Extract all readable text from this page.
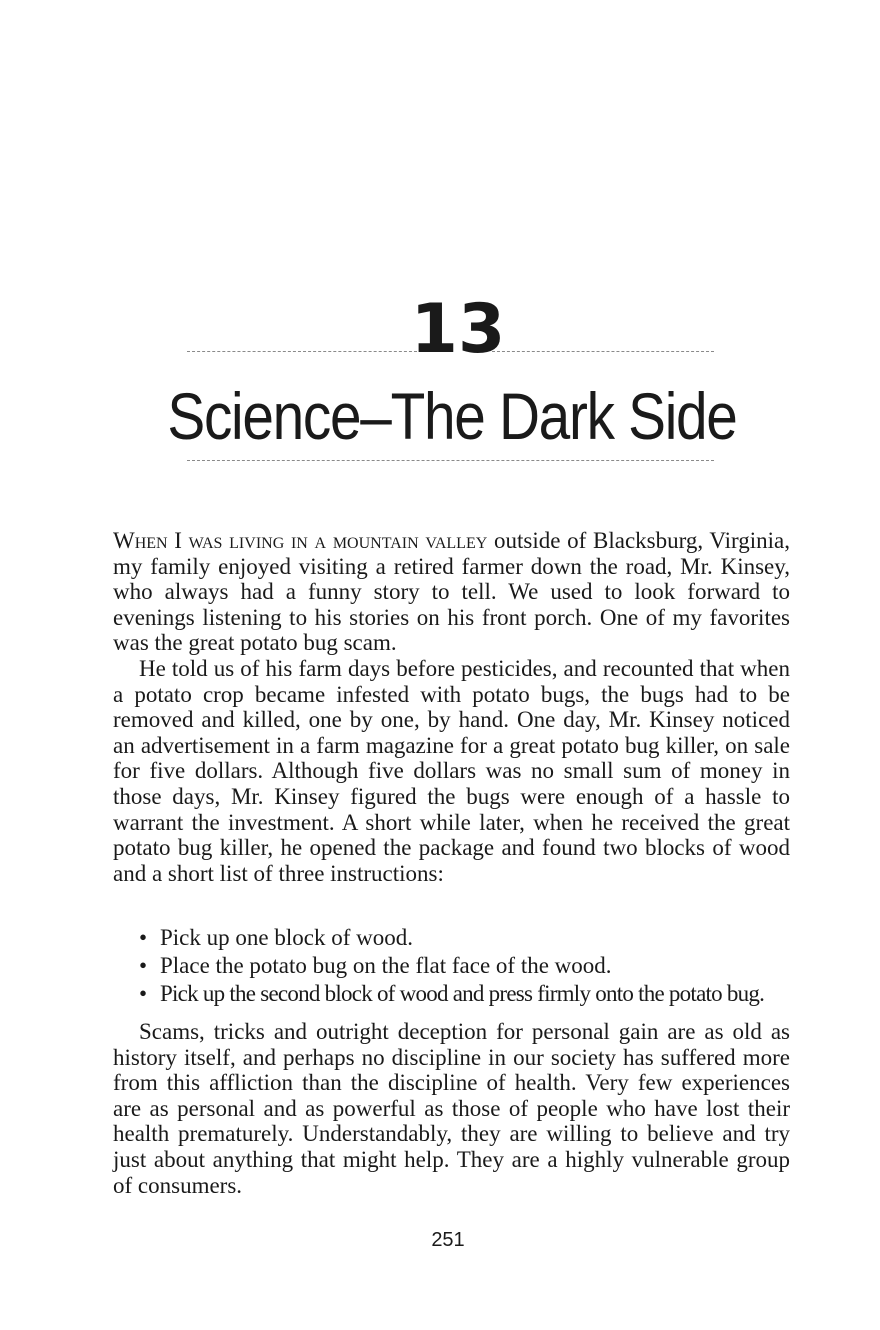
13
Science–The Dark Side

When I was living in a mountain valley outside of Blacksburg, Virginia, my family enjoyed visiting a retired farmer down the road, Mr. Kinsey, who always had a funny story to tell. We used to look forward to evenings listening to his stories on his front porch. One of my favorites was the great potato bug scam.

He told us of his farm days before pesticides, and recounted that when a potato crop became infested with potato bugs, the bugs had to be removed and killed, one by one, by hand. One day, Mr. Kinsey noticed an advertisement in a farm magazine for a great potato bug killer, on sale for five dollars. Although five dollars was no small sum of money in those days, Mr. Kinsey figured the bugs were enough of a hassle to warrant the investment. A short while later, when he received the great potato bug killer, he opened the package and found two blocks of wood and a short list of three instructions:

• Pick up one block of wood.
• Place the potato bug on the flat face of the wood.
• Pick up the second block of wood and press firmly onto the potato bug.

Scams, tricks and outright deception for personal gain are as old as history itself, and perhaps no discipline in our society has suffered more from this affliction than the discipline of health. Very few experiences are as personal and as powerful as those of people who have lost their health prematurely. Understandably, they are willing to believe and try just about anything that might help. They are a highly vulnerable group of consumers.

251
